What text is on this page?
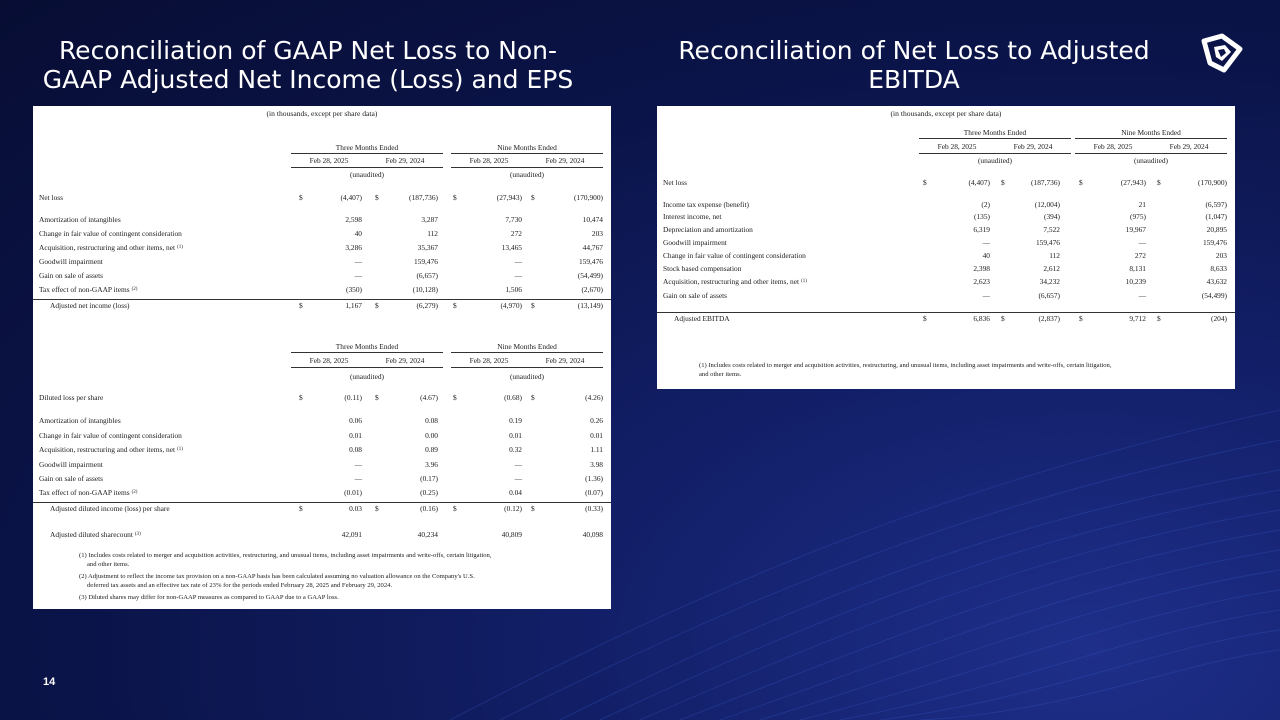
Reconciliation of GAAP Net Loss to Non-GAAP Adjusted Net Income (Loss) and EPS
Reconciliation of Net Loss to Adjusted EBITDA
(in thousands, except per share data)
Three Months Ended	Nine Months Ended
Feb 28, 2025	Feb 29, 2024	Feb 28, 2025	Feb 29, 2024
(unaudited)	(unaudited)
Net loss	$	(4,407) $	(187,736) $	(27,943) $	(170,900)
Amortization of intangibles	2,598	3,287	7,730	10,474
Change in fair value of contingent consideration	40	112	272	203
Acquisition, restructuring and other items, net $^{(1)}$	3,286	35,367	13,465	44,767
Goodwill impairment	—	159,476	—	159,476
Gain on sale of assets	—	(6,657)	—	(54,499)
Tax effect of non-GAAP items $^{(2)}$	(350)	(10,128)	1,506	(2,670)
Adjusted net income (loss)	$	1,167 $	(6,279) $	(4,970) $	(13,149)
Three Months Ended	Nine Months Ended
Feb 28, 2025	Feb 29, 2024	Feb 28, 2025	Feb 29, 2024
(unaudited)	(unaudited)
Diluted loss per share	$	(0.11) $	(4.67) $	(0.68) $	(4.26)
Amortization of intangibles	0.06	0.08	0.19	0.26
Change in fair value of contingent consideration	0.01	0.00	0.01	0.01
Acquisition, restructuring and other items, net $^{(1)}$	0.08	0.89	0.32	1.11
Goodwill impairment	—	3.96	—	3.98
Gain on sale of assets	—	(0.17)	—	(1.36)
Tax effect of non-GAAP items $^{(2)}$	(0.01)	(0.25)	0.04	(0.07)
Adjusted diluted income (loss) per share	$	0.03 $	(0.16) $	(0.12) $	(0.33)
Adjusted diluted sharecount $^{(3)}$	42,091	40,234	40,809	40,098
(1) Includes costs related to merger and acquisition activities, restructuring, and unusual items, including asset impairments and write-offs, certain litigation,
and other items.
(2) Adjustment to reflect the income tax provision on a non-GAAP basis has been calculated assuming no valuation allowance on the Company's U.S.
deferred tax assets and an effective tax rate of 23% for the periods ended February 28, 2025 and February 29, 2024.
(3) Diluted shares may differ for non-GAAP measures as compared to GAAP due to a GAAP loss.
(in thousands, except per share data)
Three Months Ended	Nine Months Ended
Feb 28, 2025	Feb 29, 2024	Feb 28, 2025	Feb 29, 2024
(unaudited)	(unaudited)
Net loss	$	(4,407) $	(187,736)	$	(27,943) $	(170,900)
Income tax expense (benefit)	(2)	(12,004)	21	(6,597)
Interest income, net	(135)	(394)	(975)	(1,047)
Depreciation and amortization	6,319	7,522	19,967	20,895
Goodwill impairment	—	159,476	—	159,476
Change in fair value of contingent consideration	40	112	272	203
Stock based compensation	2,398	2,612	8,131	8,633
Acquisition, restructuring and other items, net $^{(1)}$	2,623	34,232	10,239	43,632
Gain on sale of assets	—	(6,657)	—	(54,499)
Adjusted EBITDA	$	6,836 $	(2,837)	$	9,712 $	(204)
(1) Includes costs related to merger and acquisition activities, restructuring, and unusual items, including asset impairments and write-offs, certain litigation,
and other items.
14
